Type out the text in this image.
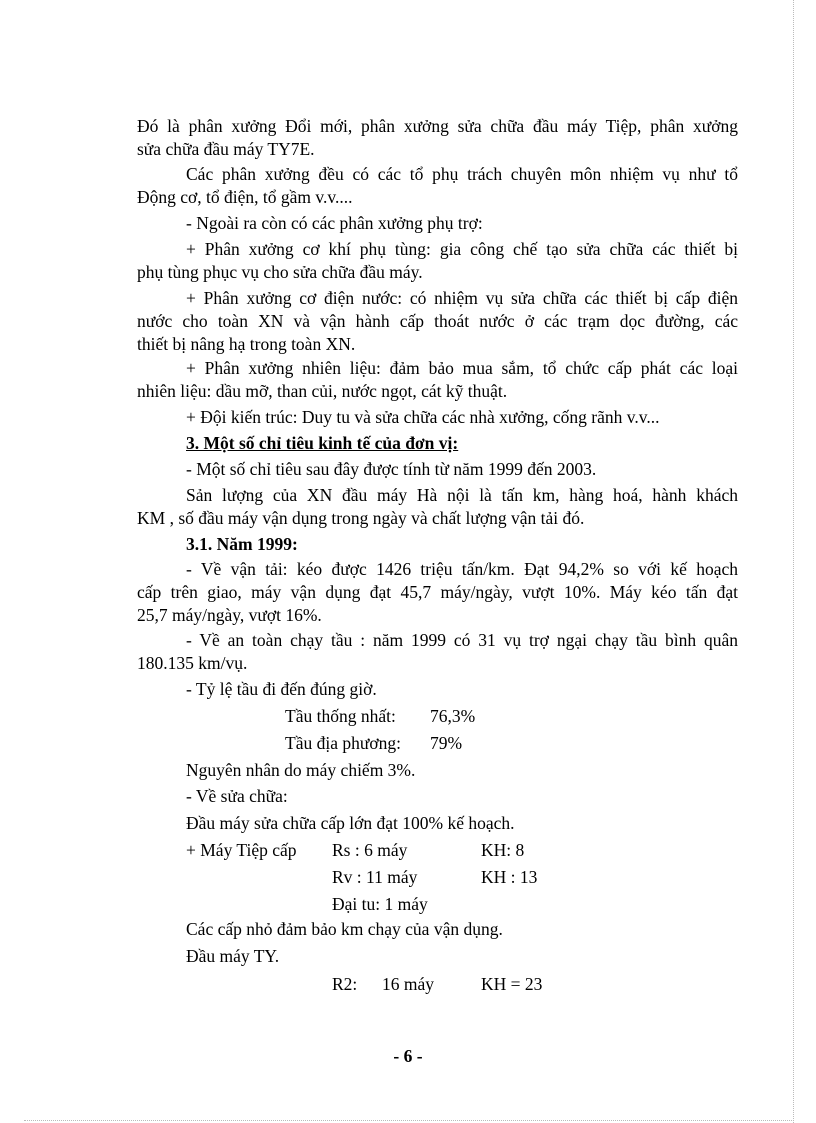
Đó là phân xưởng Đổi mới, phân xưởng sửa chữa đầu máy Tiệp, phân xưởng
sửa chữa đầu máy TY7E.
Các phân xưởng đều có các tổ phụ trách chuyên môn nhiệm vụ như tổ
Động cơ, tổ điện, tổ gầm v.v....
- Ngoài ra còn có các phân xưởng phụ trợ:
+ Phân xưởng cơ khí phụ tùng: gia công chế tạo sửa chữa các thiết bị
phụ tùng phục vụ cho sửa chữa đầu máy.
+ Phân xưởng cơ điện nước: có nhiệm vụ sửa chữa các thiết bị cấp điện
nước cho toàn XN và vận hành cấp thoát nước ở các trạm dọc đường, các
thiết bị nâng hạ trong toàn XN.
+ Phân xưởng nhiên liệu: đảm bảo mua sắm, tổ chức cấp phát các loại
nhiên liệu: dầu mỡ, than củi, nước ngọt, cát kỹ thuật.
+ Đội kiến trúc: Duy tu và sửa chữa các nhà xưởng, cống rãnh v.v...
3. Một số chỉ tiêu kinh tế của đơn vị:
- Một số chỉ tiêu sau đây được tính từ năm 1999 đến 2003.
Sản lượng của XN đầu máy Hà nội là tấn km, hàng hoá, hành khách
KM , số đầu máy vận dụng trong ngày và chất lượng vận tải đó.
3.1. Năm 1999:
- Về vận tải: kéo được 1426 triệu tấn/km. Đạt 94,2% so với kế hoạch
cấp trên giao, máy vận dụng đạt 45,7 máy/ngày, vượt 10%. Máy kéo tấn đạt
25,7 máy/ngày, vượt 16%.
- Về an toàn chạy tầu : năm 1999 có 31 vụ trợ ngại chạy tầu bình quân
180.135 km/vụ.
- Tỷ lệ tầu đi đến đúng giờ.
Tầu thống nhất: 76,3%
Tầu địa phương: 79%
Nguyên nhân do máy chiếm 3%.
- Về sửa chữa:
Đầu máy sửa chữa cấp lớn đạt 100% kế hoạch.
+ Máy Tiệp cấp Rs : 6 máy	KH: 8
Rv : 11 máy	KH : 13
Đại tu: 1 máy
Các cấp nhỏ đảm bảo km chạy của vận dụng.
Đầu máy TY.
R2: 16 máy	KH = 23
- 6 -
